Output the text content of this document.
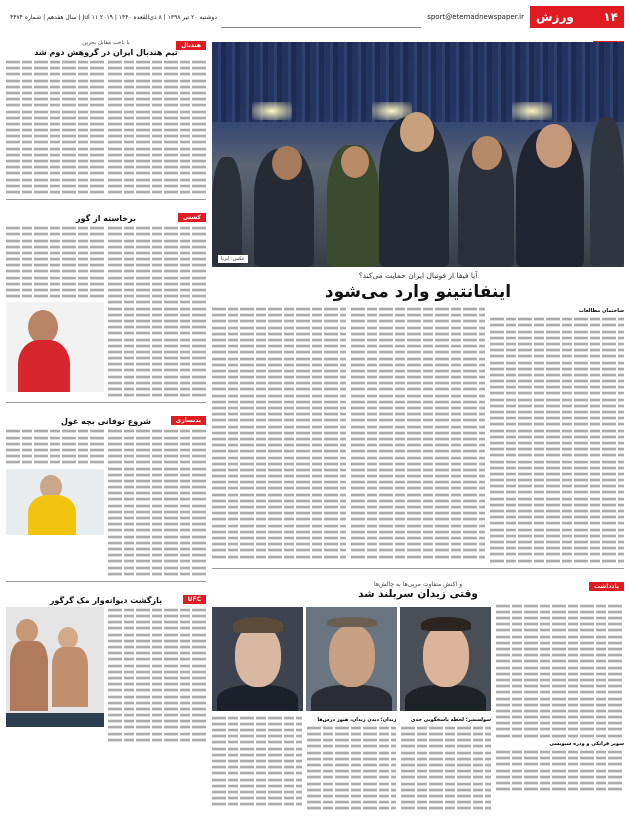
۱۴
ورزش
sport@etemadnewspaper.ir
دوشنبه ۲۰ تیر ۱۳۹۸ | ۸ ذی‌القعده ۱۴۴۰ | ۲۰۱۹ ۱۱ Jul | سال هفدهم | شماره ۴۴۷۴
عکس: ایرنا
آیا فیفا از فوتبال ایران حمایت می‌کند؟
اینفانتینو وارد می‌شود
ساختمان مطالعات
یادداشت
و اکنش متفاوت مربی‌ها به چالش‌ها
وقتی زیدان سربلند شد
سوپر فرانکی و ودره سیویسی
سولسشر؛ لحظه پاسخگویی جدی
زیدان؛ دیدن زیدان، هنوز درس‌ها
هندبال
با باخت مقابل بحرین
تیم هندبال ایران در گروهش دوم شد
کشتی
برخاسته از گور
بدنسازی
شروع توفانی بچه غول
UFC
بازگشت دیوانه‌وار مک گرگور
